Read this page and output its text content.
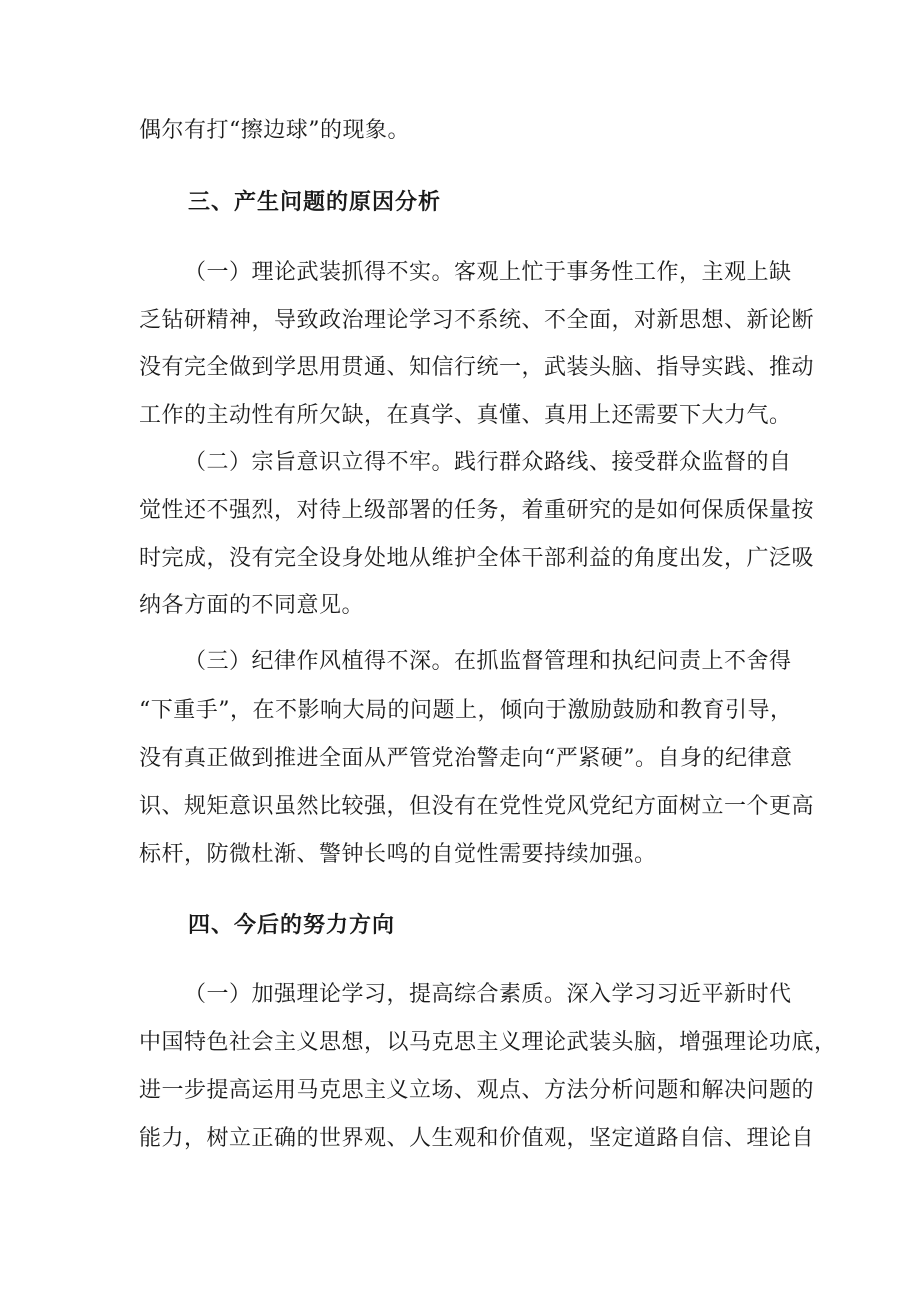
偶尔有打“擦边球”的现象。
三、产生问题的原因分析
（一）理论武装抓得不实。客观上忙于事务性工作，主观上缺
乏钻研精神，导致政治理论学习不系统、不全面，对新思想、新论断
没有完全做到学思用贯通、知信行统一，武装头脑、指导实践、推动
工作的主动性有所欠缺，在真学、真懂、真用上还需要下大力气。
（二）宗旨意识立得不牢。践行群众路线、接受群众监督的自
觉性还不强烈，对待上级部署的任务，着重研究的是如何保质保量按
时完成，没有完全设身处地从维护全体干部利益的角度出发，广泛吸
纳各方面的不同意见。
（三）纪律作风植得不深。在抓监督管理和执纪问责上不舍得
“下重手”，在不影响大局的问题上，倾向于激励鼓励和教育引导，
没有真正做到推进全面从严管党治警走向“严紧硬”。自身的纪律意
识、规矩意识虽然比较强，但没有在党性党风党纪方面树立一个更高
标杆，防微杜渐、警钟长鸣的自觉性需要持续加强。
四、今后的努力方向
（一）加强理论学习，提高综合素质。深入学习习近平新时代
中国特色社会主义思想，以马克思主义理论武装头脑，增强理论功底，
进一步提高运用马克思主义立场、观点、方法分析问题和解决问题的
能力，树立正确的世界观、人生观和价值观，坚定道路自信、理论自
